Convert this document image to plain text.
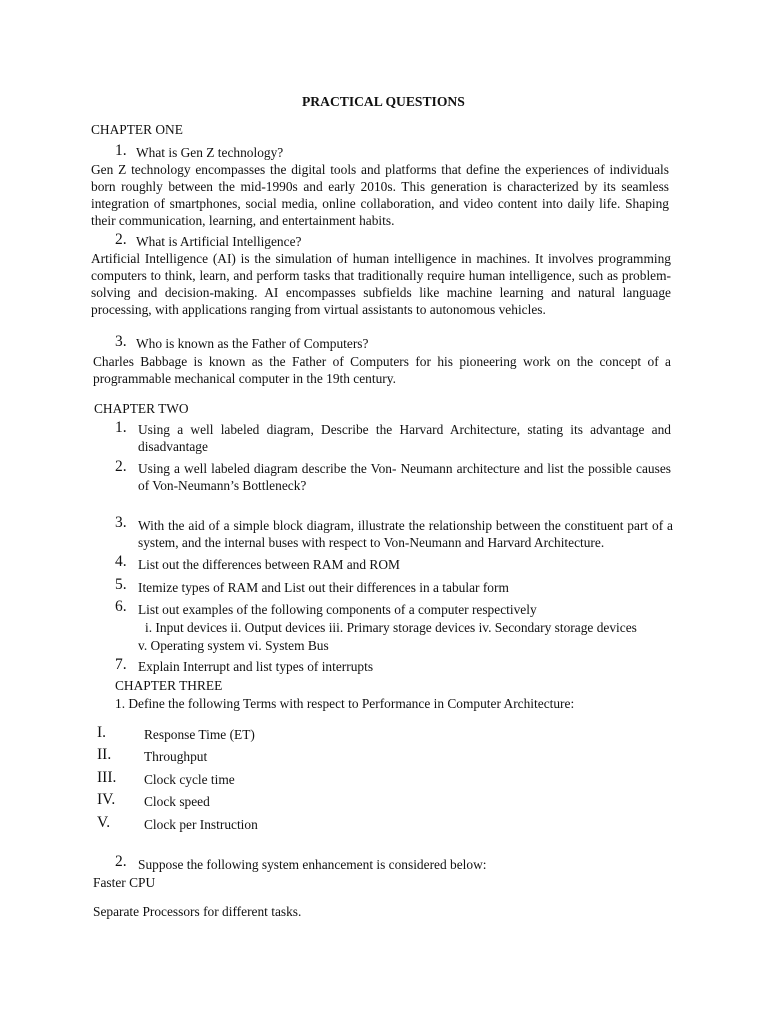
PRACTICAL QUESTIONS
CHAPTER ONE
1. What is Gen Z technology?
Gen Z technology encompasses the digital tools and platforms that define the experiences of individuals born roughly between the mid-1990s and early 2010s. This generation is characterized by its seamless integration of smartphones, social media, online collaboration, and video content into daily life. Shaping their communication, learning, and entertainment habits.
2. What is Artificial Intelligence?
Artificial Intelligence (AI) is the simulation of human intelligence in machines. It involves programming computers to think, learn, and perform tasks that traditionally require human intelligence, such as problem-solving and decision-making. AI encompasses subfields like machine learning and natural language processing, with applications ranging from virtual assistants to autonomous vehicles.
3. Who is known as the Father of Computers?
Charles Babbage is known as the Father of Computers for his pioneering work on the concept of a programmable mechanical computer in the 19th century.
CHAPTER TWO
1. Using a well labeled diagram, Describe the Harvard Architecture, stating its advantage and disadvantage
2. Using a well labeled diagram describe the Von- Neumann architecture and list the possible causes of Von-Neumann’s Bottleneck?
3. With the aid of a simple block diagram, illustrate the relationship between the constituent part of a system, and the internal buses with respect to Von-Neumann and Harvard Architecture.
4. List out the differences between RAM and ROM
5. Itemize types of RAM and List out their differences in a tabular form
6. List out examples of the following components of a computer respectively
i. Input devices ii. Output devices iii. Primary storage devices iv. Secondary storage devices
v. Operating system vi. System Bus
7. Explain Interrupt and list types of interrupts
CHAPTER THREE
1. Define the following Terms with respect to Performance in Computer Architecture:
I.	Response Time (ET)
II. Throughput
III. Clock cycle time
IV. Clock speed
V.	Clock per Instruction
2. Suppose the following system enhancement is considered below:
Faster CPU
Separate Processors for different tasks.
